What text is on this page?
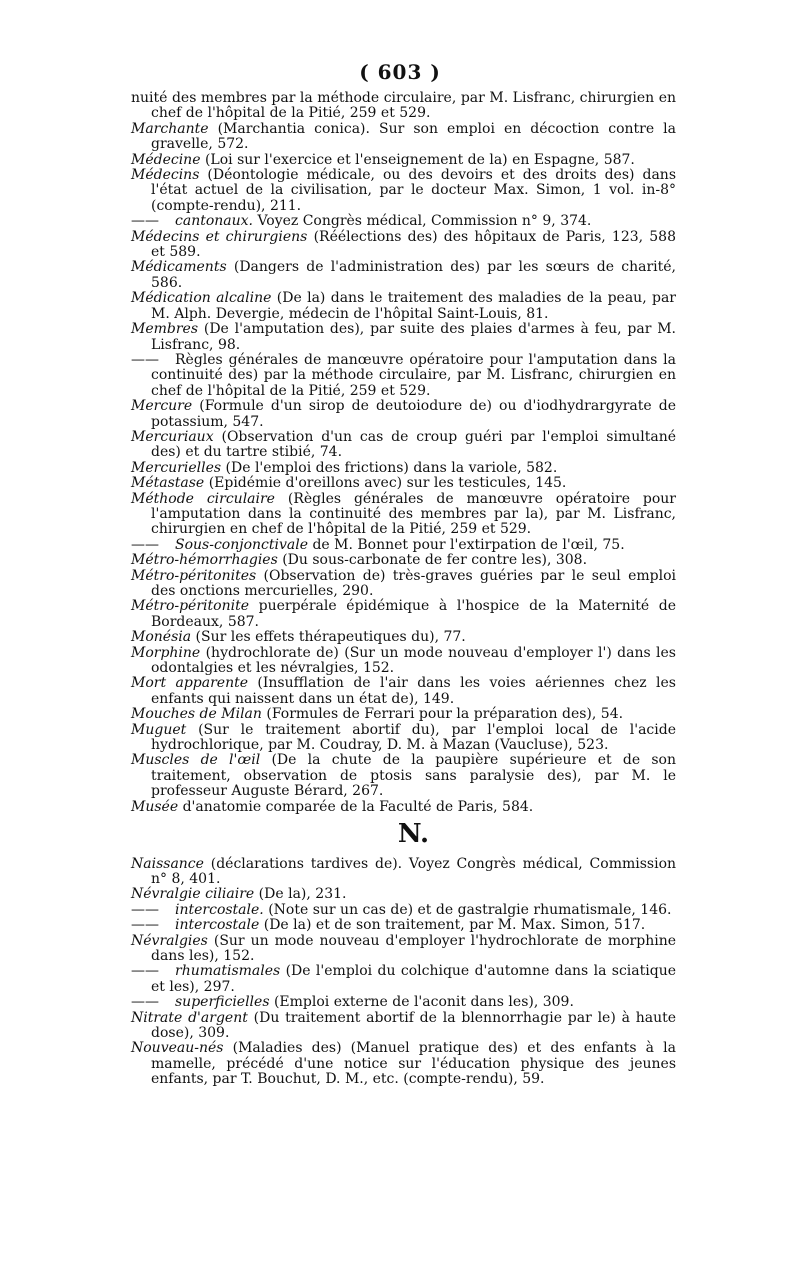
( 603 )

nuité des membres par la méthode circulaire, par M. Lisfranc, chirurgien en chef de l'hôpital de la Pitié, 259 et 529.

Marchante (Marchantia conica). Sur son emploi en décoction contre la gravelle, 572.

Médecine (Loi sur l'exercice et l'enseignement de la) en Espagne, 587.

Médecins (Déontologie médicale, ou des devoirs et des droits des) dans l'état actuel de la civilisation, par le docteur Max. Simon, 1 vol. in-8° (compte-rendu), 211.

—— cantonaux. Voyez Congrès médical, Commission n° 9, 374.

Médecins et chirurgiens (Réélections des) des hôpitaux de Paris, 123, 588 et 589.

Médicaments (Dangers de l'administration des) par les sœurs de charité, 586.

Médication alcaline (De la) dans le traitement des maladies de la peau, par M. Alph. Devergie, médecin de l'hôpital Saint-Louis, 81.

Membres (De l'amputation des), par suite des plaies d'armes à feu, par M. Lisfranc, 98.

—— Règles générales de manœuvre opératoire pour l'amputation dans la continuité des) par la méthode circulaire, par M. Lisfranc, chirurgien en chef de l'hôpital de la Pitié, 259 et 529.

Mercure (Formule d'un sirop de deutoiodure de) ou d'iodhydrargyrate de potassium, 547.

Mercuriaux (Observation d'un cas de croup guéri par l'emploi simultané des) et du tartre stibié, 74.

Mercurielles (De l'emploi des frictions) dans la variole, 582.

Métastase (Epidémie d'oreillons avec) sur les testicules, 145.

Méthode circulaire (Règles générales de manœuvre opératoire pour l'amputation dans la continuité des membres par la), par M. Lisfranc, chirurgien en chef de l'hôpital de la Pitié, 259 et 529.

—— Sous-conjonctivale de M. Bonnet pour l'extirpation de l'œil, 75.

Métro-hémorrhagies (Du sous-carbonate de fer contre les), 308.

Métro-péritonites (Observation de) très-graves guéries par le seul emploi des onctions mercurielles, 290.

Métro-péritonite puerpérale épidémique à l'hospice de la Maternité de Bordeaux, 587.

Monésia (Sur les effets thérapeutiques du), 77.

Morphine (hydrochlorate de) (Sur un mode nouveau d'employer l') dans les odontalgies et les névralgies, 152.

Mort apparente (Insufflation de l'air dans les voies aériennes chez les enfants qui naissent dans un état de), 149.

Mouches de Milan (Formules de Ferrari pour la préparation des), 54.

Muguet (Sur le traitement abortif du), par l'emploi local de l'acide hydrochlorique, par M. Coudray, D. M. à Mazan (Vaucluse), 523.

Muscles de l'œil (De la chute de la paupière supérieure et de son traitement, observation de ptosis sans paralysie des), par M. le professeur Auguste Bérard, 267.

Musée d'anatomie comparée de la Faculté de Paris, 584.

N.

Naissance (déclarations tardives de). Voyez Congrès médical, Commission n° 8, 401.

Névralgie ciliaire (De la), 231.

—— intercostale. (Note sur un cas de) et de gastralgie rhumatismale, 146.

—— intercostale (De la) et de son traitement, par M. Max. Simon, 517.

Névralgies (Sur un mode nouveau d'employer l'hydrochlorate de morphine dans les), 152.

—— rhumatismales (De l'emploi du colchique d'automne dans la sciatique et les), 297.

—— superficielles (Emploi externe de l'aconit dans les), 309.

Nitrate d'argent (Du traitement abortif de la blennorrhagie par le) à haute dose), 309.

Nouveau-nés (Maladies des) (Manuel pratique des) et des enfants à la mamelle, précédé d'une notice sur l'éducation physique des jeunes enfants, par T. Bouchut, D. M., etc. (compte-rendu), 59.
